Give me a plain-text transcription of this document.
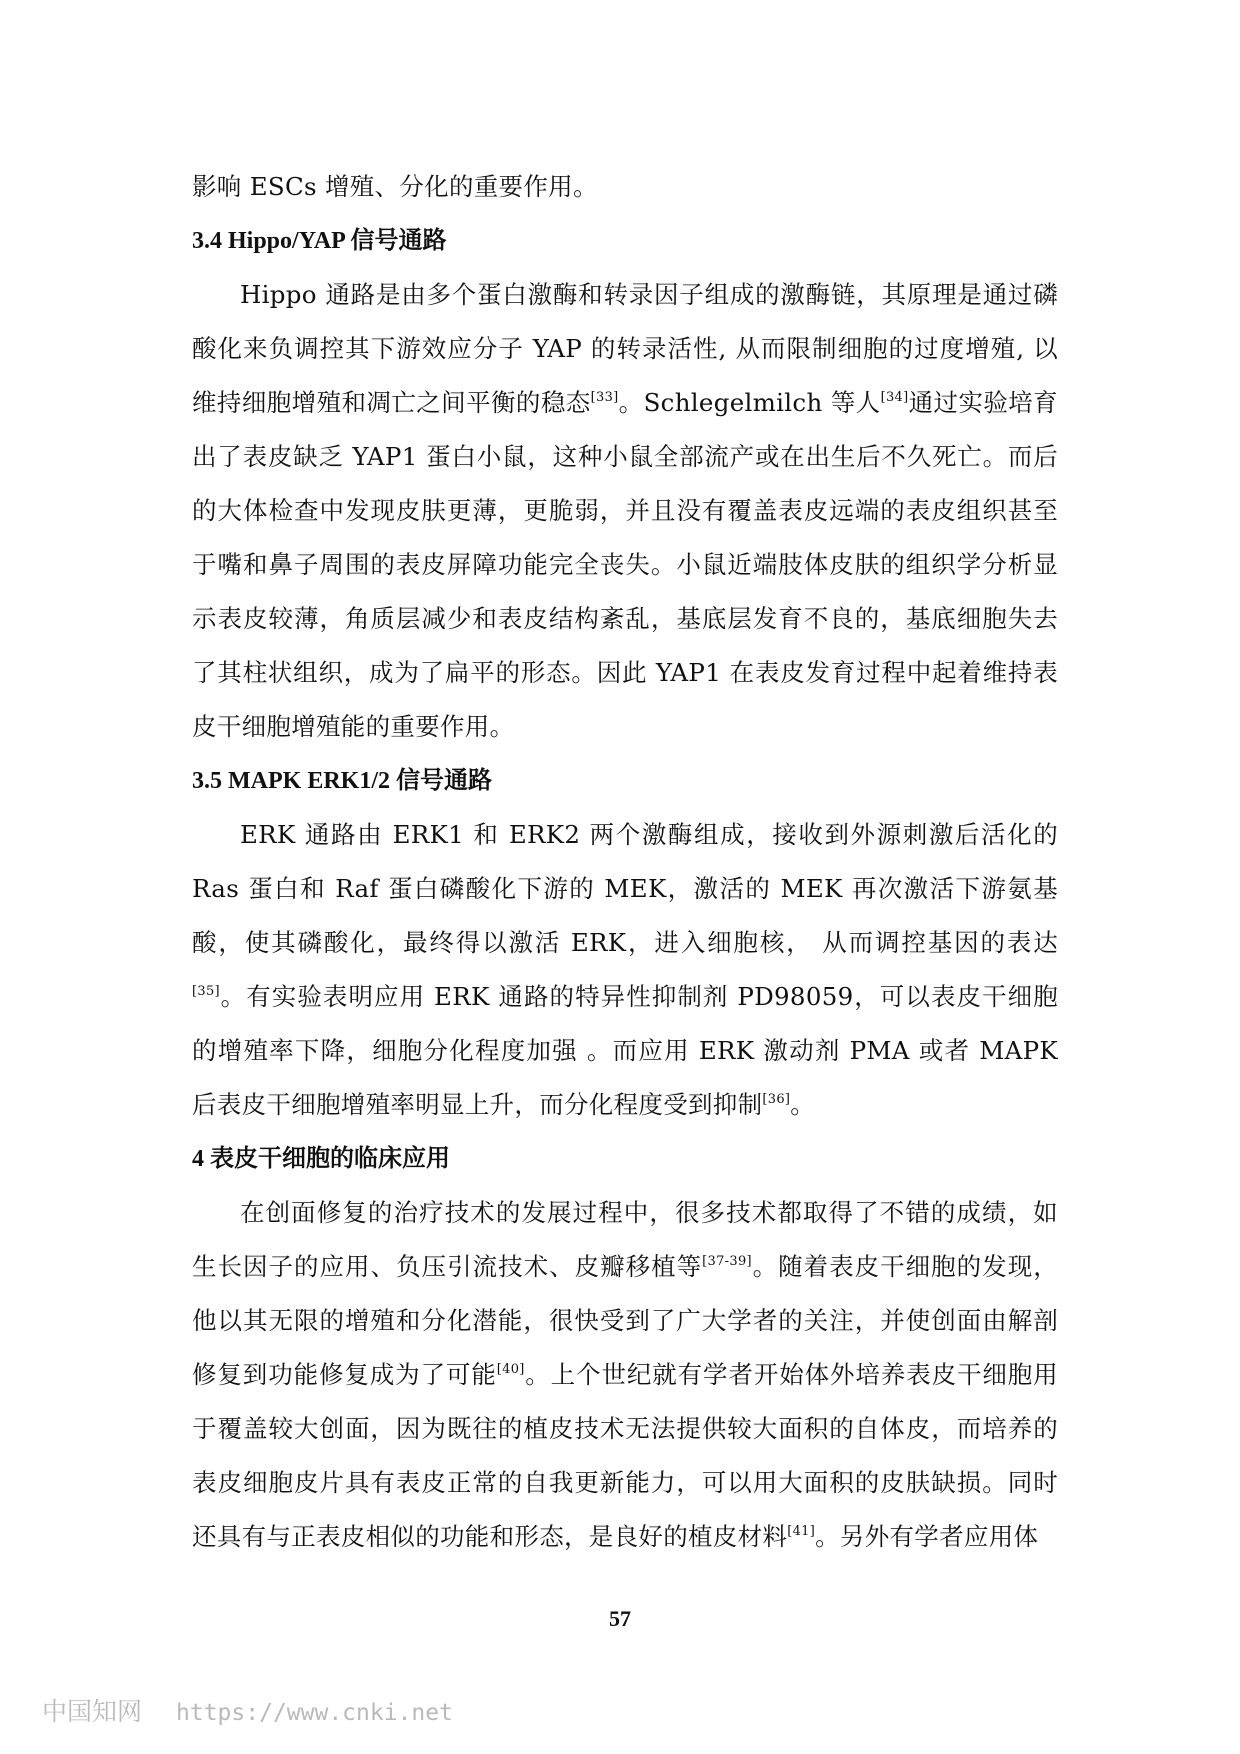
影响 ESCs 增殖、分化的重要作用。

3.4 Hippo/YAP 信号通路

Hippo 通路是由多个蛋白激酶和转录因子组成的激酶链，其原理是通过磷酸化来负调控其下游效应分子 YAP 的转录活性, 从而限制细胞的过度增殖, 以维持细胞增殖和凋亡之间平衡的稳态[33]。Schlegelmilch 等人[34]通过实验培育出了表皮缺乏 YAP1 蛋白小鼠，这种小鼠全部流产或在出生后不久死亡。而后的大体检查中发现皮肤更薄，更脆弱，并且没有覆盖表皮远端的表皮组织甚至于嘴和鼻子周围的表皮屏障功能完全丧失。小鼠近端肢体皮肤的组织学分析显示表皮较薄，角质层减少和表皮结构紊乱，基底层发育不良的，基底细胞失去了其柱状组织，成为了扁平的形态。因此 YAP1 在表皮发育过程中起着维持表皮干细胞增殖能的重要作用。

3.5 MAPK ERK1/2 信号通路

ERK 通路由 ERK1 和 ERK2 两个激酶组成，接收到外源刺激后活化的 Ras 蛋白和 Raf 蛋白磷酸化下游的 MEK，激活的 MEK 再次激活下游氨基酸，使其磷酸化，最终得以激活 ERK，进入细胞核， 从而调控基因的表达[35]。有实验表明应用 ERK 通路的特异性抑制剂 PD98059，可以表皮干细胞的增殖率下降，细胞分化程度加强 。而应用 ERK 激动剂 PMA 或者 MAPK 后表皮干细胞增殖率明显上升，而分化程度受到抑制[36]。

4 表皮干细胞的临床应用

在创面修复的治疗技术的发展过程中，很多技术都取得了不错的成绩，如生长因子的应用、负压引流技术、皮瓣移植等[37-39]。随着表皮干细胞的发现，他以其无限的增殖和分化潜能，很快受到了广大学者的关注，并使创面由解剖修复到功能修复成为了可能[40]。上个世纪就有学者开始体外培养表皮干细胞用于覆盖较大创面，因为既往的植皮技术无法提供较大面积的自体皮，而培养的表皮细胞皮片具有表皮正常的自我更新能力，可以用大面积的皮肤缺损。同时还具有与正表皮相似的功能和形态，是良好的植皮材料[41]。另外有学者应用体

57
中国知网 https://www.cnki.net
